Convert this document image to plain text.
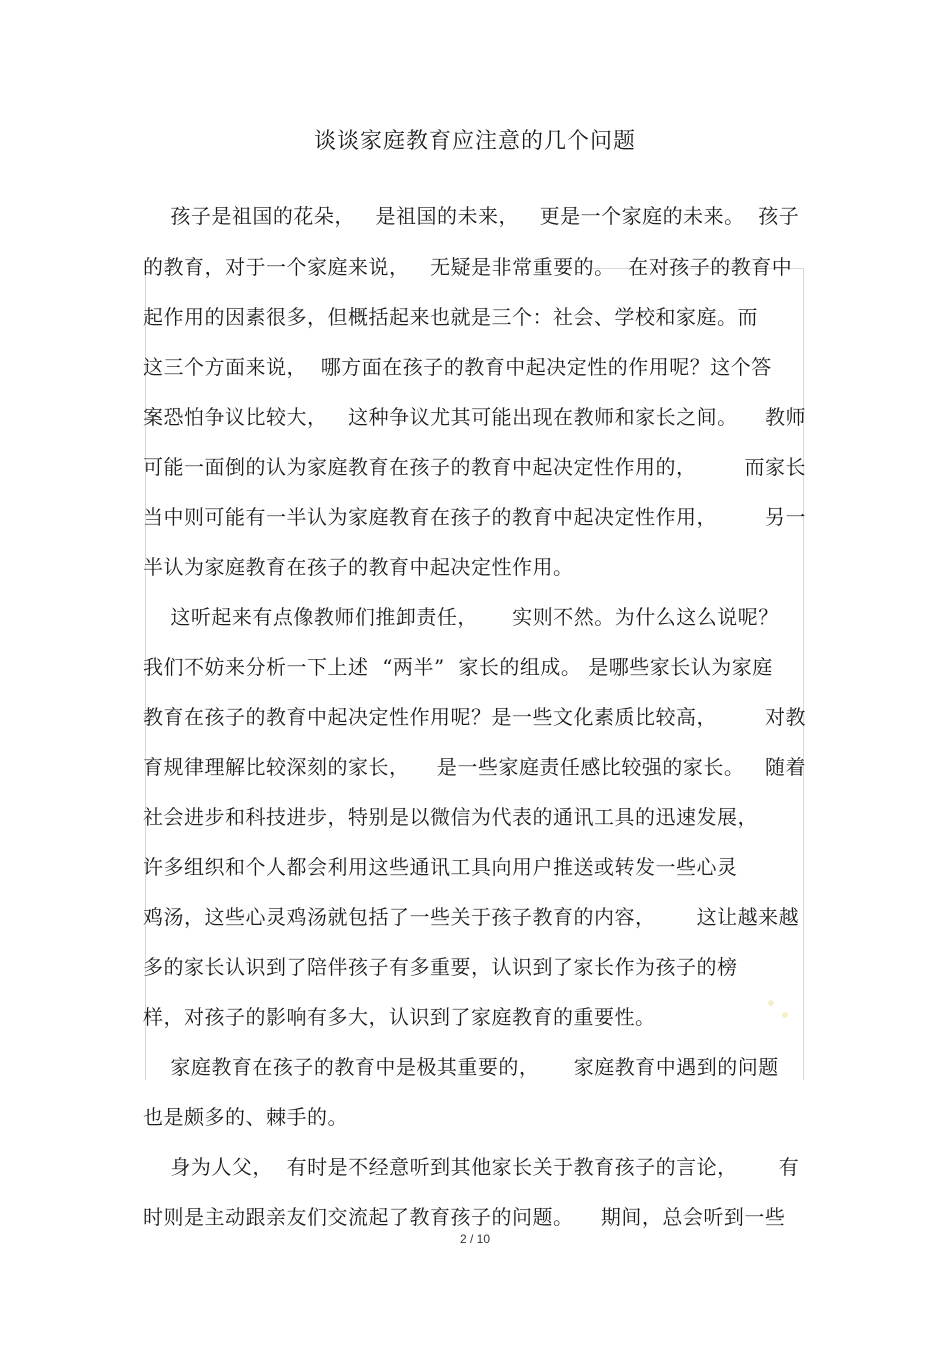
谈谈家庭教育应注意的几个问题
孩子是祖国的花朵，   是祖国的未来，   更是一个家庭的未来。  孩子
的教育，对于一个家庭来说，   无疑是非常重要的。  在对孩子的教育中
起作用的因素很多，但概括起来也就是三个：社会、学校和家庭。而
这三个方面来说，  哪方面在孩子的教育中起决定性的作用呢？这个答
案恐怕争议比较大，   这种争议尤其可能出现在教师和家长之间。    教师
可能一面倒的认为家庭教育在孩子的教育中起决定性作用的，       而家长
当中则可能有一半认为家庭教育在孩子的教育中起决定性作用，       另一
半认为家庭教育在孩子的教育中起决定性作用。
这听起来有点像教师们推卸责任，     实则不然。为什么这么说呢？
我们不妨来分析一下上述  “两半”  家长的组成。 是哪些家长认为家庭
教育在孩子的教育中起决定性作用呢？是一些文化素质比较高，       对教
育规律理解比较深刻的家长，    是一些家庭责任感比较强的家长。   随着
社会进步和科技进步，特别是以微信为代表的通讯工具的迅速发展，
许多组织和个人都会利用这些通讯工具向用户推送或转发一些心灵
鸡汤，这些心灵鸡汤就包括了一些关于孩子教育的内容，      这让越来越
多的家长认识到了陪伴孩子有多重要，认识到了家长作为孩子的榜
样，对孩子的影响有多大，认识到了家庭教育的重要性。
家庭教育在孩子的教育中是极其重要的，     家庭教育中遇到的问题
也是颇多的、棘手的。
身为人父，  有时是不经意听到其他家长关于教育孩子的言论，      有
时则是主动跟亲友们交流起了教育孩子的问题。    期间，总会听到一些
2 / 10
